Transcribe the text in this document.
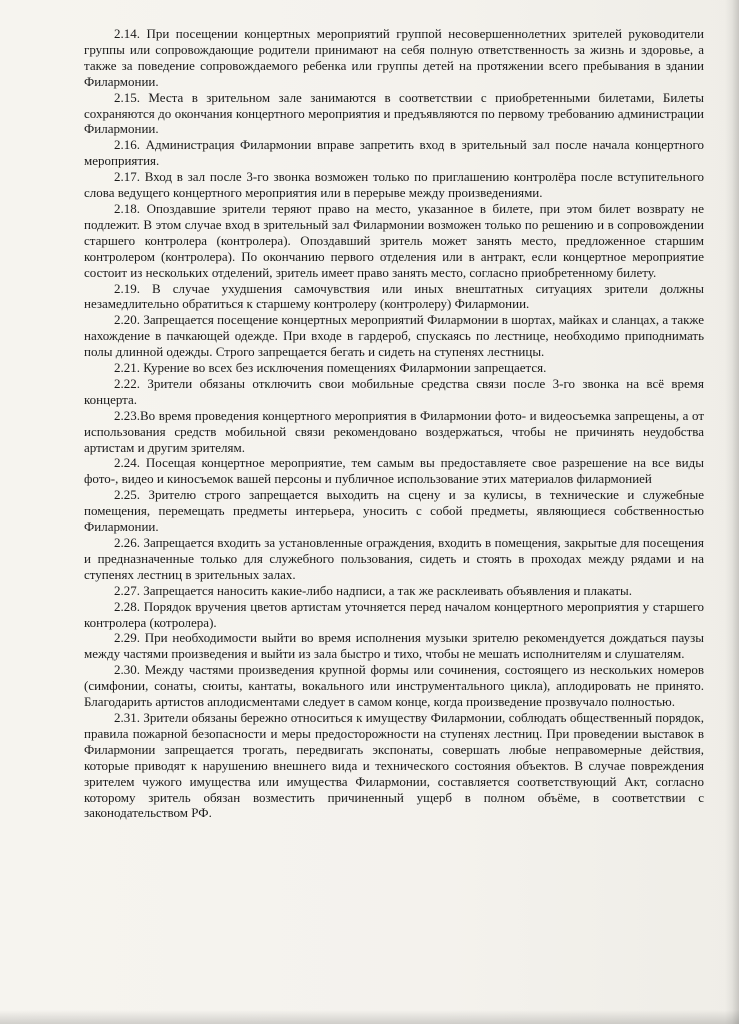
2.14. При посещении концертных мероприятий группой несовершеннолетних зрителей руководители группы или сопровождающие родители принимают на себя полную ответственность за жизнь и здоровье, а также за поведение сопровождаемого ребенка или группы детей на протяжении всего пребывания в здании Филармонии.

2.15. Места в зрительном зале занимаются в соответствии с приобретенными билетами, Билеты сохраняются до окончания концертного мероприятия и предъявляются по первому требованию администрации Филармонии.

2.16. Администрация Филармонии вправе запретить вход в зрительный зал после начала концертного мероприятия.

2.17. Вход в зал после 3-го звонка возможен только по приглашению контролёра после вступительного слова ведущего концертного мероприятия или в перерыве между произведениями.

2.18. Опоздавшие зрители теряют право на место, указанное в билете, при этом билет возврату не подлежит. В этом случае вход в зрительный зал Филармонии возможен только по решению и в сопровождении старшего контролера (контролера). Опоздавший зритель может занять место, предложенное старшим контролером (контролера). По окончанию первого отделения или в антракт, если концертное мероприятие состоит из нескольких отделений, зритель имеет право занять место, согласно приобретенному билету.

2.19. В случае ухудшения самочувствия или иных внештатных ситуациях зрители должны незамедлительно обратиться к старшему контролеру (контролеру) Филармонии.

2.20. Запрещается посещение концертных мероприятий Филармонии в шортах, майках и сланцах, а также нахождение в пачкающей одежде. При входе в гардероб, спускаясь по лестнице, необходимо приподнимать полы длинной одежды. Строго запрещается бегать и сидеть на ступенях лестницы.

2.21. Курение во всех без исключения помещениях Филармонии запрещается.

2.22. Зрители обязаны отключить свои мобильные средства связи после 3-го звонка на всё время концерта.

2.23.Во время проведения концертного мероприятия в Филармонии фото- и видеосъемка запрещены, а от использования средств мобильной связи рекомендовано воздержаться, чтобы не причинять неудобства артистам и другим зрителям.

2.24. Посещая концертное мероприятие, тем самым вы предоставляете свое разрешение на все виды фото-, видео и киносъемок вашей персоны и публичное использование этих материалов филармонией

2.25. Зрителю строго запрещается выходить на сцену и за кулисы, в технические и служебные помещения, перемещать предметы интерьера, уносить с собой предметы, являющиеся собственностью Филармонии.

2.26. Запрещается входить за установленные ограждения, входить в помещения, закрытые для посещения и предназначенные только для служебного пользования, сидеть и стоять в проходах между рядами и на ступенях лестниц в зрительных залах.

2.27. Запрещается наносить какие-либо надписи, а так же расклеивать объявления и плакаты.

2.28. Порядок вручения цветов артистам уточняется перед началом концертного мероприятия у старшего контролера (котролера).

2.29. При необходимости выйти во время исполнения музыки зрителю рекомендуется дождаться паузы между частями произведения и выйти из зала быстро и тихо, чтобы не мешать исполнителям и слушателям.

2.30. Между частями произведения крупной формы или сочинения, состоящего из нескольких номеров (симфонии, сонаты, сюиты, кантаты, вокального или инструментального цикла), аплодировать не принято. Благодарить артистов аплодисментами следует в самом конце, когда произведение прозвучало полностью.

2.31. Зрители обязаны бережно относиться к имуществу Филармонии, соблюдать общественный порядок, правила пожарной безопасности и меры предосторожности на ступенях лестниц. При проведении выставок в Филармонии запрещается трогать, передвигать экспонаты, совершать любые неправомерные действия, которые приводят к нарушению внешнего вида и технического состояния объектов. В случае повреждения зрителем чужого имущества или имущества Филармонии, составляется соответствующий Акт, согласно которому зритель обязан возместить причиненный ущерб в полном объёме, в соответствии с законодательством РФ.
